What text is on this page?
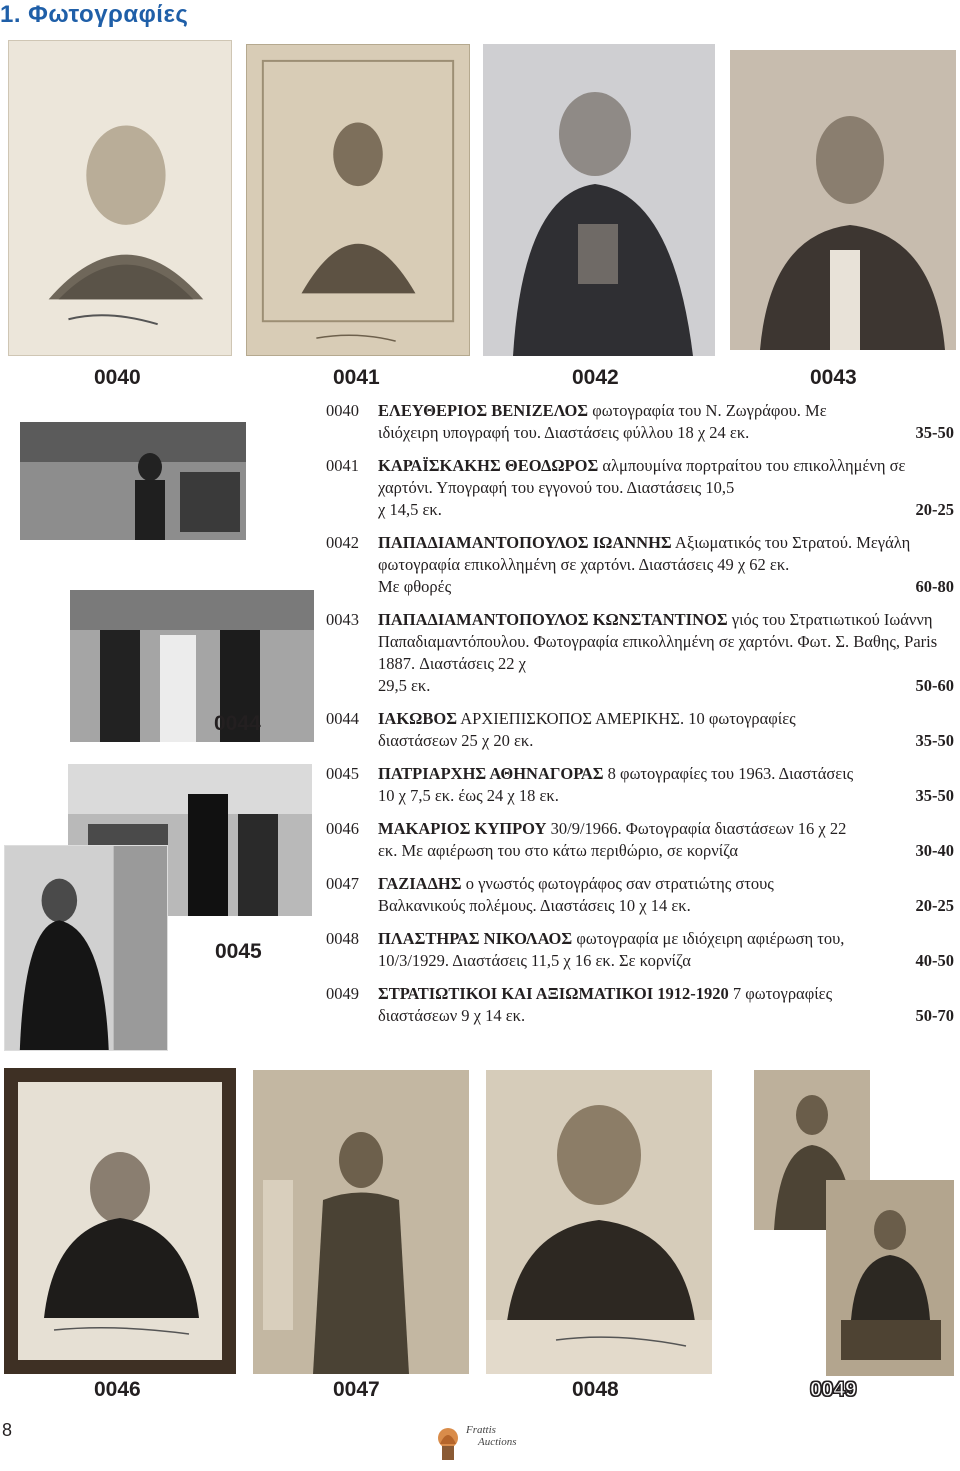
1. Φωτογραφίες
0040	0041	0042	0043
0044
0045
0040	ΕΛΕΥΘΕΡΙΟΣ ΒΕΝΙΖΕΛΟΣ φωτογραφία του Ν. Ζωγράφου. Με
ιδιόχειρη υπογραφή του. Διαστάσεις φύλλου 18 χ 24 εκ.	35-50
0041	ΚΑΡΑΪΣΚΑΚΗΣ ΘΕΟΔΩΡΟΣ αλμπουμίνα πορτραίτου του επικολλημένη σε χαρτόνι. Υπογραφή του εγγονού του. Διαστάσεις 10,5
χ 14,5 εκ.	20-25
0042	ΠΑΠΑΔΙΑΜΑΝΤΟΠΟΥΛΟΣ ΙΩΑΝΝΗΣ Αξιωματικός του Στρατού. Μεγάλη φωτογραφία επικολλημένη σε χαρτόνι. Διαστάσεις 49 χ 62 εκ.
Με φθορές	60-80
0043	ΠΑΠΑΔΙΑΜΑΝΤΟΠΟΥΛΟΣ ΚΩΝΣΤΑΝΤΙΝΟΣ γιός του Στρατιωτικού Ιωάννη Παπαδιαμαντόπουλου. Φωτογραφία επικολλημένη σε χαρτόνι. Φωτ. Σ. Βαθης, Paris 1887. Διαστάσεις 22 χ
29,5 εκ.	50-60
0044	ΙΑΚΩΒΟΣ ΑΡΧΙΕΠΙΣΚΟΠΟΣ ΑΜΕΡΙΚΗΣ. 10 φωτογραφίες
διαστάσεων 25 χ 20 εκ.	35-50
0045	ΠΑΤΡΙΑΡΧΗΣ ΑΘΗΝΑΓΟΡΑΣ 8 φωτογραφίες του 1963. Διαστάσεις
10 χ 7,5 εκ. έως 24 χ 18 εκ.	35-50
0046	ΜΑΚΑΡΙΟΣ ΚΥΠΡΟΥ 30/9/1966. Φωτογραφία διαστάσεων 16 χ 22
εκ. Με αφιέρωση του στο κάτω περιθώριο, σε κορνίζα	30-40
0047	ΓΑΖΙΑΔΗΣ ο γνωστός φωτογράφος σαν στρατιώτης στους
Βαλκανικούς πολέμους. Διαστάσεις 10 χ 14 εκ.	20-25
0048	ΠΛΑΣΤΗΡΑΣ ΝΙΚΟΛΑΟΣ φωτογραφία με ιδιόχειρη αφιέρωση του,
10/3/1929. Διαστάσεις 11,5 χ 16 εκ. Σε κορνίζα	40-50
0049	ΣΤΡΑΤΙΩΤΙΚΟΙ ΚΑΙ ΑΞΙΩΜΑΤΙΚΟΙ 1912-1920 7 φωτογραφίες
διαστάσεων 9 χ 14 εκ.	50-70
0046	0047	0048	0049
8	Frattis
Auctions
